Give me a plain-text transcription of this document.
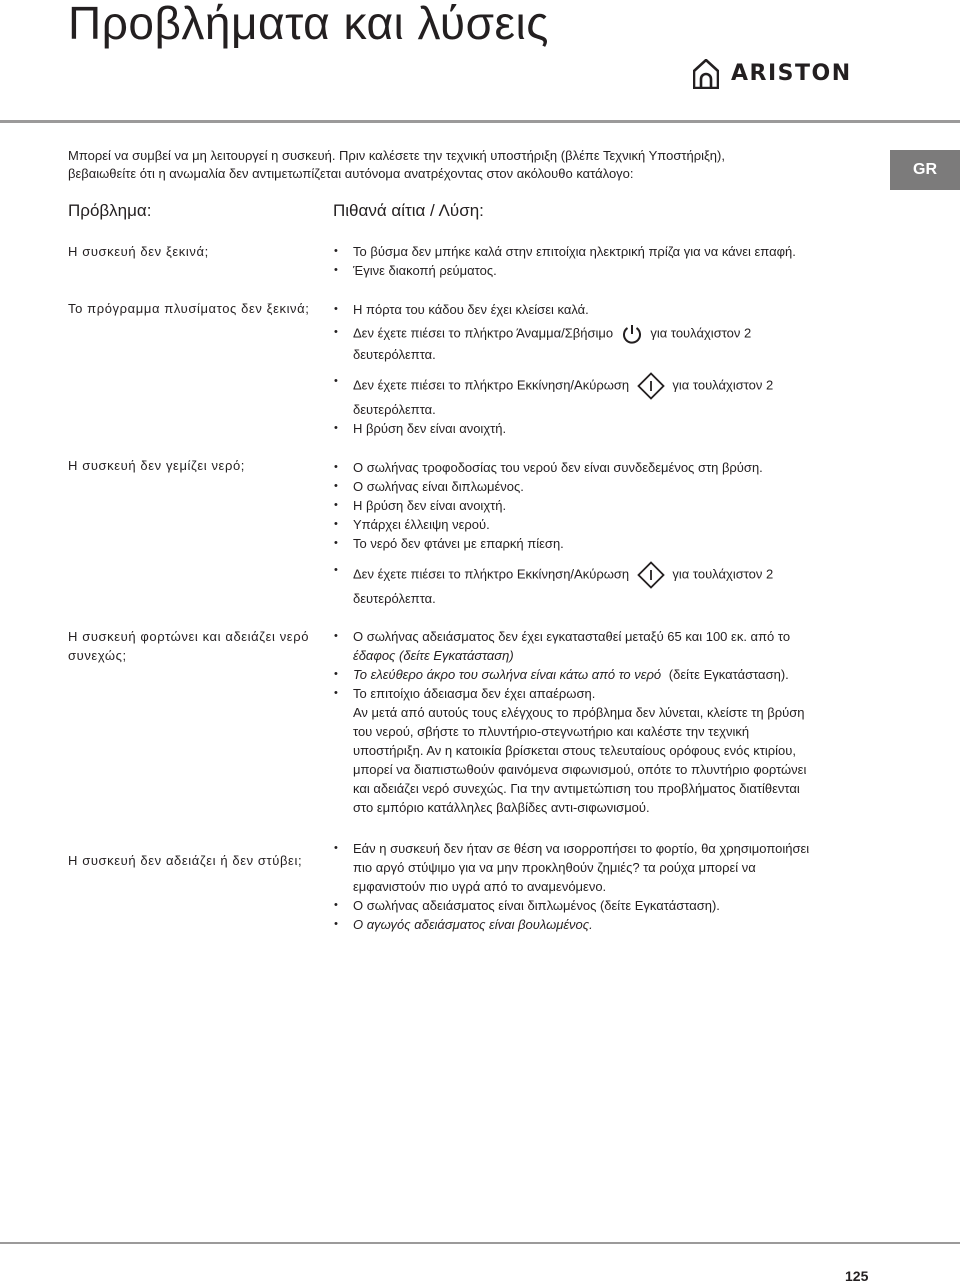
Προβλήματα και λύσεις
ARISTON
GR

Μπορεί να συμβεί να μη λειτουργεί η συσκευή. Πριν καλέσετε την τεχνική υποστήριξη (βλέπε Τεχνική Υποστήριξη),

βεβαιωθείτε ότι η ανωμαλία δεν αντιμετωπίζεται αυτόνομα ανατρέχοντας στον ακόλουθο κατάλογο:

Πρόβλημα:	Πιθανά αίτια / Λύση:
Η συσκευή δεν ξεκινά;	• Το βύσμα δεν μπήκε καλά στην επιτοίχια ηλεκτρική πρίζα για να κάνει επαφή.
• Έγινε διακοπή ρεύματος.
Το πρόγραμμα πλυσίματος δεν ξεκινά;	• Η πόρτα του κάδου δεν έχει κλείσει καλά.
• Δεν έχετε πιέσει το πλήκτρο Άναμμα/Σβήσιμο	για τουλάχιστον 2
δευτερόλεπτα.
• Δεν έχετε πιέσει το πλήκτρο Εκκίνηση/Ακύρωση	για τουλάχιστον 2
δευτερόλεπτα.
• Η βρύση δεν είναι ανοιχτή.
Η συσκευή δεν γεμίζει νερό;	• Ο σωλήνας τροφοδοσίας του νερού δεν είναι συνδεδεμένος στη βρύση.
• Ο σωλήνας είναι διπλωμένος.
• Η βρύση δεν είναι ανοιχτή.
• Υπάρχει έλλειψη νερού.
• Το νερό δεν φτάνει με επαρκή πίεση.
• Δεν έχετε πιέσει το πλήκτρο Εκκίνηση/Ακύρωση	για τουλάχιστον 2
δευτερόλεπτα.
Η συσκευή φορτώνει και αδειάζει νερό συνεχώς;
• Ο σωλήνας αδειάσματος δεν έχει εγκατασταθεί μεταξύ 65 και 100 εκ. από το
έδαφος (δείτε Εγκατάσταση)
• Το ελεύθερο άκρο του σωλήνα είναι κάτω από το νερό (δείτε Εγκατάσταση).
• Το επιτοίχιο άδειασμα δεν έχει απαέρωση.
Αν μετά από αυτούς τους ελέγχους το πρόβλημα δεν λύνεται, κλείστε τη βρύση
του νερού, σβήστε το πλυντήριο-στεγνωτήριο και καλέστε την τεχνική
υποστήριξη. Αν η κατοικία βρίσκεται στους τελευταίους ορόφους ενός κτιρίου,
μπορεί να διαπιστωθούν φαινόμενα σιφωνισμού, οπότε το πλυντήριο φορτώνει
και αδειάζει νερό συνεχώς. Για την αντιμετώπιση του προβλήματος διατίθενται
στο εμπόριο κατάλληλες βαλβίδες αντι-σιφωνισμού.
Η συσκευή δεν αδειάζει ή δεν στύβει;
• Εάν η συσκευή δεν ήταν σε θέση να ισορροπήσει το φορτίο, θα χρησιμοποιήσει
πιο αργό στύψιμο για να μην προκληθούν ζημιές? τα ρούχα μπορεί να
εμφανιστούν πιο υγρά από το αναμενόμενο.
• Ο σωλήνας αδειάσματος είναι διπλωμένος (δείτε Εγκατάσταση).
• Ο αγωγός αδειάσματος είναι βουλωμένος.
125
